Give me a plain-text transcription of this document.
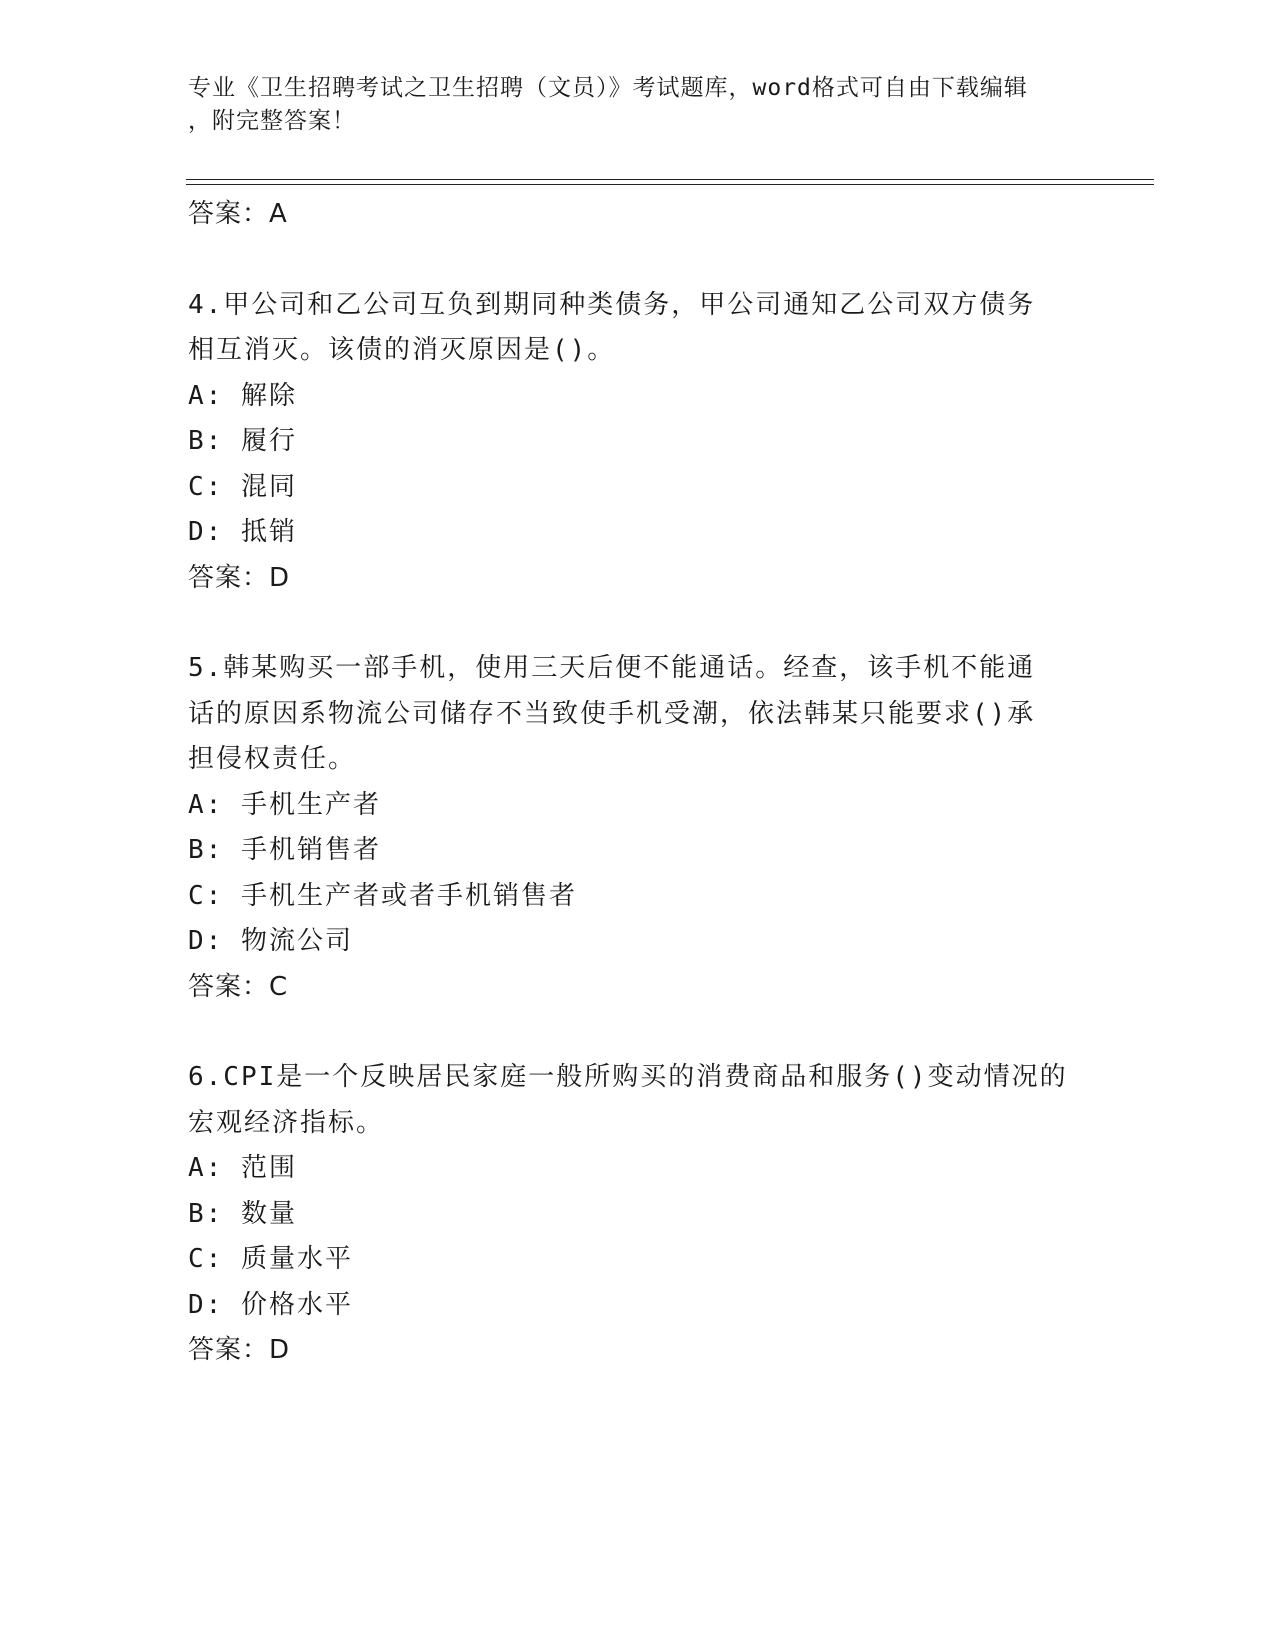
专业《卫生招聘考试之卫生招聘（文员）》考试题库，word格式可自由下载编辑
，附完整答案！
答案：A
4.甲公司和乙公司互负到期同种类债务，甲公司通知乙公司双方债务
相互消灭。该债的消灭原因是()。
A: 解除
B: 履行
C: 混同
D: 抵销
答案：D
5.韩某购买一部手机，使用三天后便不能通话。经查，该手机不能通
话的原因系物流公司储存不当致使手机受潮，依法韩某只能要求()承
担侵权责任。
A: 手机生产者
B: 手机销售者
C: 手机生产者或者手机销售者
D: 物流公司
答案：C
6.CPI是一个反映居民家庭一般所购买的消费商品和服务()变动情况的
宏观经济指标。
A: 范围
B: 数量
C: 质量水平
D: 价格水平
答案：D
